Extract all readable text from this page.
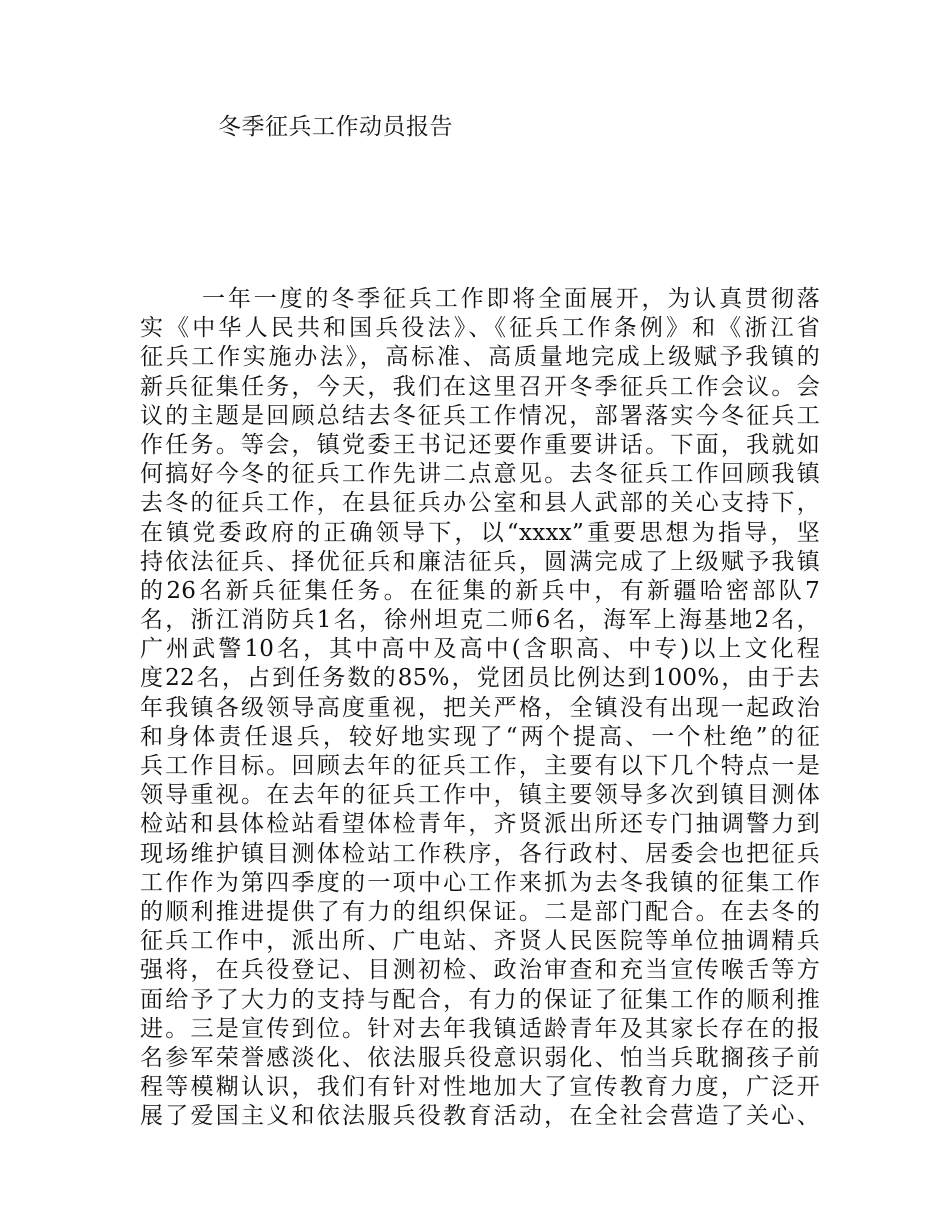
冬季征兵工作动员报告
一年一度的冬季征兵工作即将全面展开，为认真贯彻落
实《中华人民共和国兵役法》、《征兵工作条例》和《浙江省
征兵工作实施办法》，高标准、高质量地完成上级赋予我镇的
新兵征集任务，今天，我们在这里召开冬季征兵工作会议。会
议的主题是回顾总结去冬征兵工作情况，部署落实今冬征兵工
作任务。等会，镇党委王书记还要作重要讲话。下面，我就如
何搞好今冬的征兵工作先讲二点意见。去冬征兵工作回顾我镇
去冬的征兵工作，在县征兵办公室和县人武部的关心支持下，
在镇党委政府的正确领导下，以“xxxx”重要思想为指导，坚
持依法征兵、择优征兵和廉洁征兵，圆满完成了上级赋予我镇
的26名新兵征集任务。在征集的新兵中，有新疆哈密部队7
名，浙江消防兵1名，徐州坦克二师6名，海军上海基地2名，
广州武警10名，其中高中及高中(含职高、中专)以上文化程
度22名，占到任务数的85%，党团员比例达到100%，由于去
年我镇各级领导高度重视，把关严格，全镇没有出现一起政治
和身体责任退兵，较好地实现了“两个提高、一个杜绝”的征
兵工作目标。回顾去年的征兵工作，主要有以下几个特点一是
领导重视。在去年的征兵工作中，镇主要领导多次到镇目测体
检站和县体检站看望体检青年，齐贤派出所还专门抽调警力到
现场维护镇目测体检站工作秩序，各行政村、居委会也把征兵
工作作为第四季度的一项中心工作来抓为去冬我镇的征集工作
的顺利推进提供了有力的组织保证。二是部门配合。在去冬的
征兵工作中，派出所、广电站、齐贤人民医院等单位抽调精兵
强将，在兵役登记、目测初检、政治审查和充当宣传喉舌等方
面给予了大力的支持与配合，有力的保证了征集工作的顺利推
进。三是宣传到位。针对去年我镇适龄青年及其家长存在的报
名参军荣誉感淡化、依法服兵役意识弱化、怕当兵耽搁孩子前
程等模糊认识，我们有针对性地加大了宣传教育力度，广泛开
展了爱国主义和依法服兵役教育活动，在全社会营造了关心、
